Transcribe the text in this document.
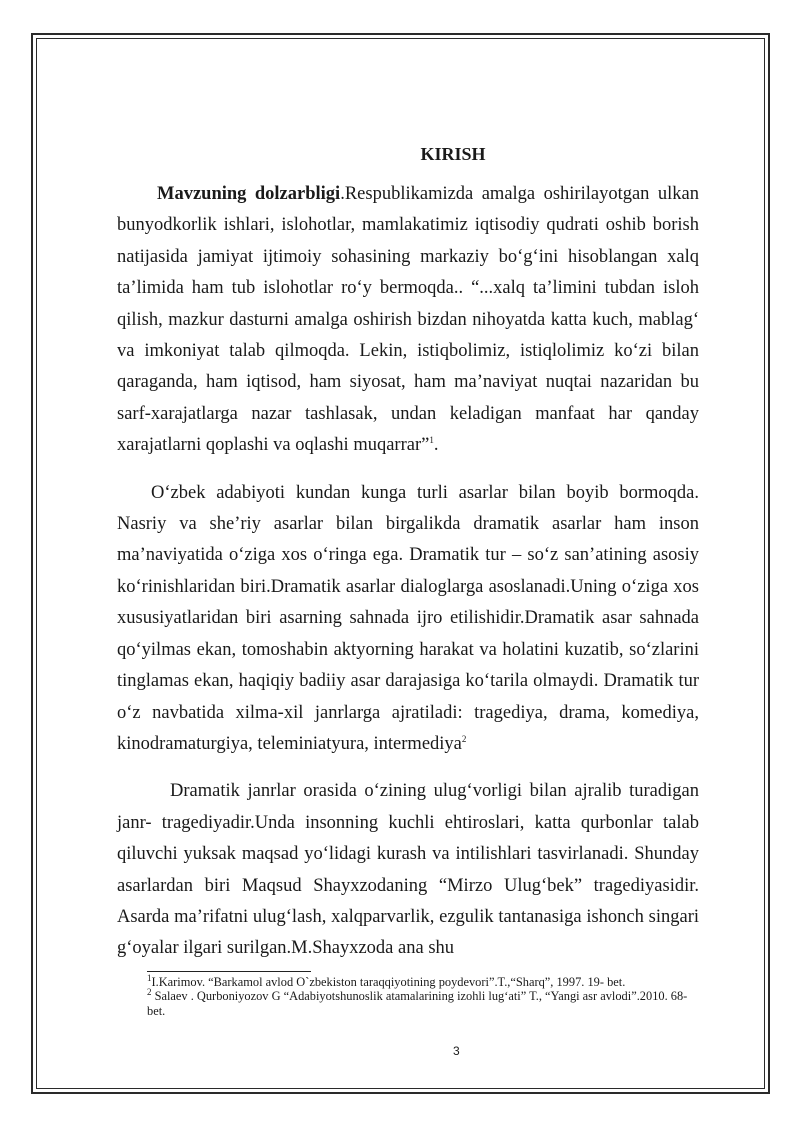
KIRISH

Mavzuning dolzarbligi.Respublikamizda amalga oshirilayotgan ulkan bunyodkorlik ishlari, islohotlar, mamlakatimiz iqtisodiy qudrati oshib borish natijasida jamiyat ijtimoiy sohasining markaziy bo‘g‘ini hisoblangan xalq ta’limida ham tub islohotlar ro‘y bermoqda.. “...xalq ta’limini tubdan isloh qilish, mazkur dasturni amalga oshirish bizdan nihoyatda katta kuch, mablag‘ va imkoniyat talab qilmoqda. Lekin, istiqbolimiz, istiqlolimiz ko‘zi bilan qaraganda, ham iqtisod, ham siyosat, ham ma’naviyat nuqtai nazaridan bu sarf-xarajatlarga nazar tashlasak, undan keladigan manfaat har qanday xarajatlarni qoplashi va oqlashi muqarrar”$^1$.

O‘zbek adabiyoti kundan kunga turli asarlar bilan boyib bormoqda. Nasriy va she’riy asarlar bilan birgalikda dramatik asarlar ham inson ma’naviyatida o‘ziga xos o‘ringa ega. Dramatik tur – so‘z san’atining asosiy ko‘rinishlaridan biri.Dramatik asarlar dialoglarga asoslanadi.Uning o‘ziga xos xususiyatlaridan biri asarning sahnada ijro etilishidir.Dramatik asar sahnada qo‘yilmas ekan, tomoshabin aktyorning harakat va holatini kuzatib, so‘zlarini tinglamas ekan, haqiqiy badiiy asar darajasiga ko‘tarila olmaydi. Dramatik tur o‘z navbatida xilma-xil janrlarga ajratiladi: tragediya, drama, komediya, kinodramaturgiya, teleminiatyura, intermediya$^2$

Dramatik janrlar orasida o‘zining ulug‘vorligi bilan ajralib turadigan janr- tragediyadir.Unda insonning kuchli ehtiroslari, katta qurbonlar talab qiluvchi yuksak maqsad yo‘lidagi kurash va intilishlari tasvirlanadi. Shunday asarlardan biri Maqsud Shayxzodaning “Mirzo Ulug‘bek” tragediyasidir. Asarda ma’rifatni ulug‘lash, xalqparvarlik, ezgulik tantanasiga ishonch singari g‘oyalar ilgari surilgan.M.Shayxzoda ana shu

$^1$I.Karimov. “Barkamol avlod O`zbekiston taraqqiyotining poydevori”.T.,“Sharq”, 1997. 19- bet.
$^2$ Salaev . Qurboniyozov G “Adabiyotshunoslik atamalarining izohli lug‘ati” T., “Yangi asr avlodi”.2010. 68-bet.
3
